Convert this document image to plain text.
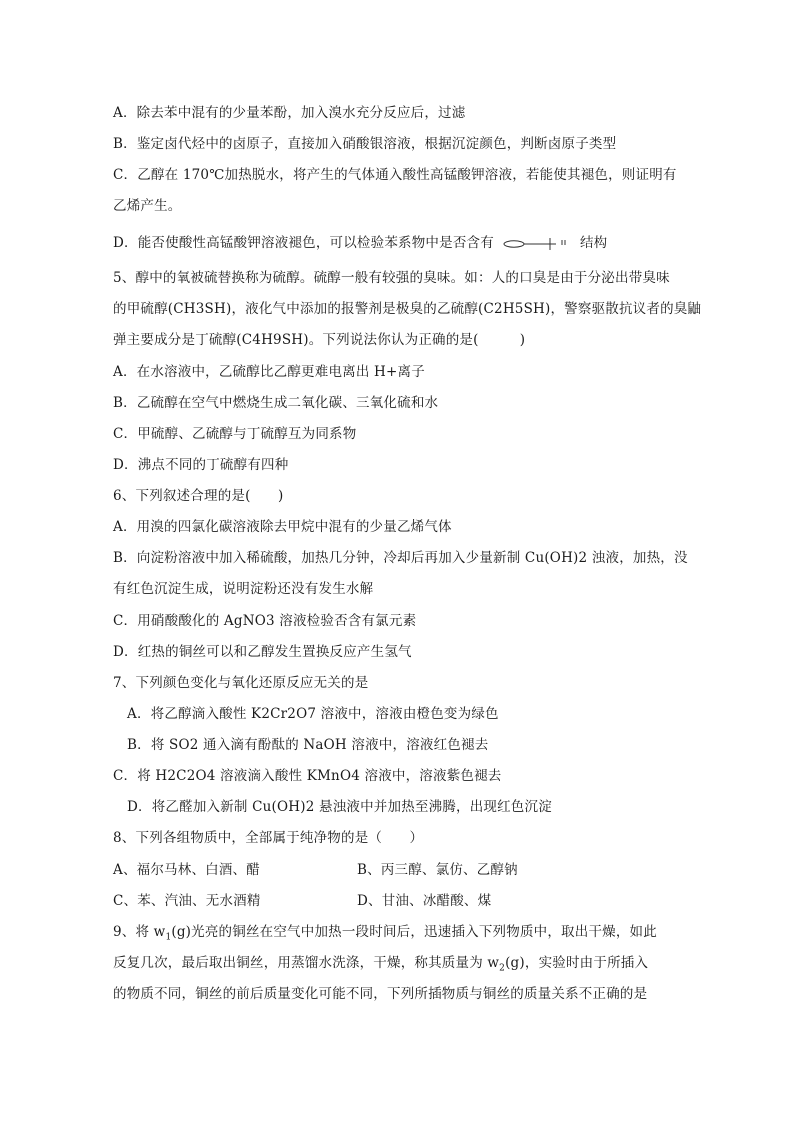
A．除去苯中混有的少量苯酚，加入溴水充分反应后，过滤
B．鉴定卤代烃中的卤原子，直接加入硝酸银溶液，根据沉淀颜色，判断卤原子类型
C．乙醇在 170℃加热脱水，将产生的气体通入酸性高锰酸钾溶液，若能使其褪色，则证明有
乙烯产生。
D．能否使酸性高锰酸钾溶液褪色，可以检验苯系物中是否含有	结构
5、醇中的氧被硫替换称为硫醇。硫醇一般有较强的臭味。如：人的口臭是由于分泌出带臭味
的甲硫醇(CH3SH)，液化气中添加的报警剂是极臭的乙硫醇(C2H5SH)，警察驱散抗议者的臭鼬
弹主要成分是丁硫醇(C4H9SH)。下列说法你认为正确的是(　　　)
A．在水溶液中，乙硫醇比乙醇更难电离出 H+离子
B．乙硫醇在空气中燃烧生成二氧化碳、三氧化硫和水
C．甲硫醇、乙硫醇与丁硫醇互为同系物
D．沸点不同的丁硫醇有四种
6、下列叙述合理的是(　　)
A．用溴的四氯化碳溶液除去甲烷中混有的少量乙烯气体
B．向淀粉溶液中加入稀硫酸，加热几分钟，冷却后再加入少量新制 Cu(OH)2 浊液，加热，没
有红色沉淀生成，说明淀粉还没有发生水解
C．用硝酸酸化的 AgNO3 溶液检验否含有氯元素
D．红热的铜丝可以和乙醇发生置换反应产生氢气
7、下列颜色变化与氧化还原反应无关的是
A．将乙醇滴入酸性 K2Cr2O7 溶液中，溶液由橙色变为绿色
B．将 SO2 通入滴有酚酞的 NaOH 溶液中，溶液红色褪去
C．将 H2C2O4 溶液滴入酸性 KMnO4 溶液中，溶液紫色褪去
D．将乙醛加入新制 Cu(OH)2 悬浊液中并加热至沸腾，出现红色沉淀
8、下列各组物质中，全部属于纯净物的是（　　）
A、福尔马林、白酒、醋	B、丙三醇、氯仿、乙醇钠
C、苯、汽油、无水酒精	D、甘油、冰醋酸、煤
9、将 $w_1(g)$光亮的铜丝在空气中加热一段时间后，迅速插入下列物质中，取出干燥，如此
反复几次，最后取出铜丝，用蒸馏水洗涤，干燥，称其质量为 $w_2(g)$，实验时由于所插入
的物质不同，铜丝的前后质量变化可能不同，下列所插物质与铜丝的质量关系不正确的是
